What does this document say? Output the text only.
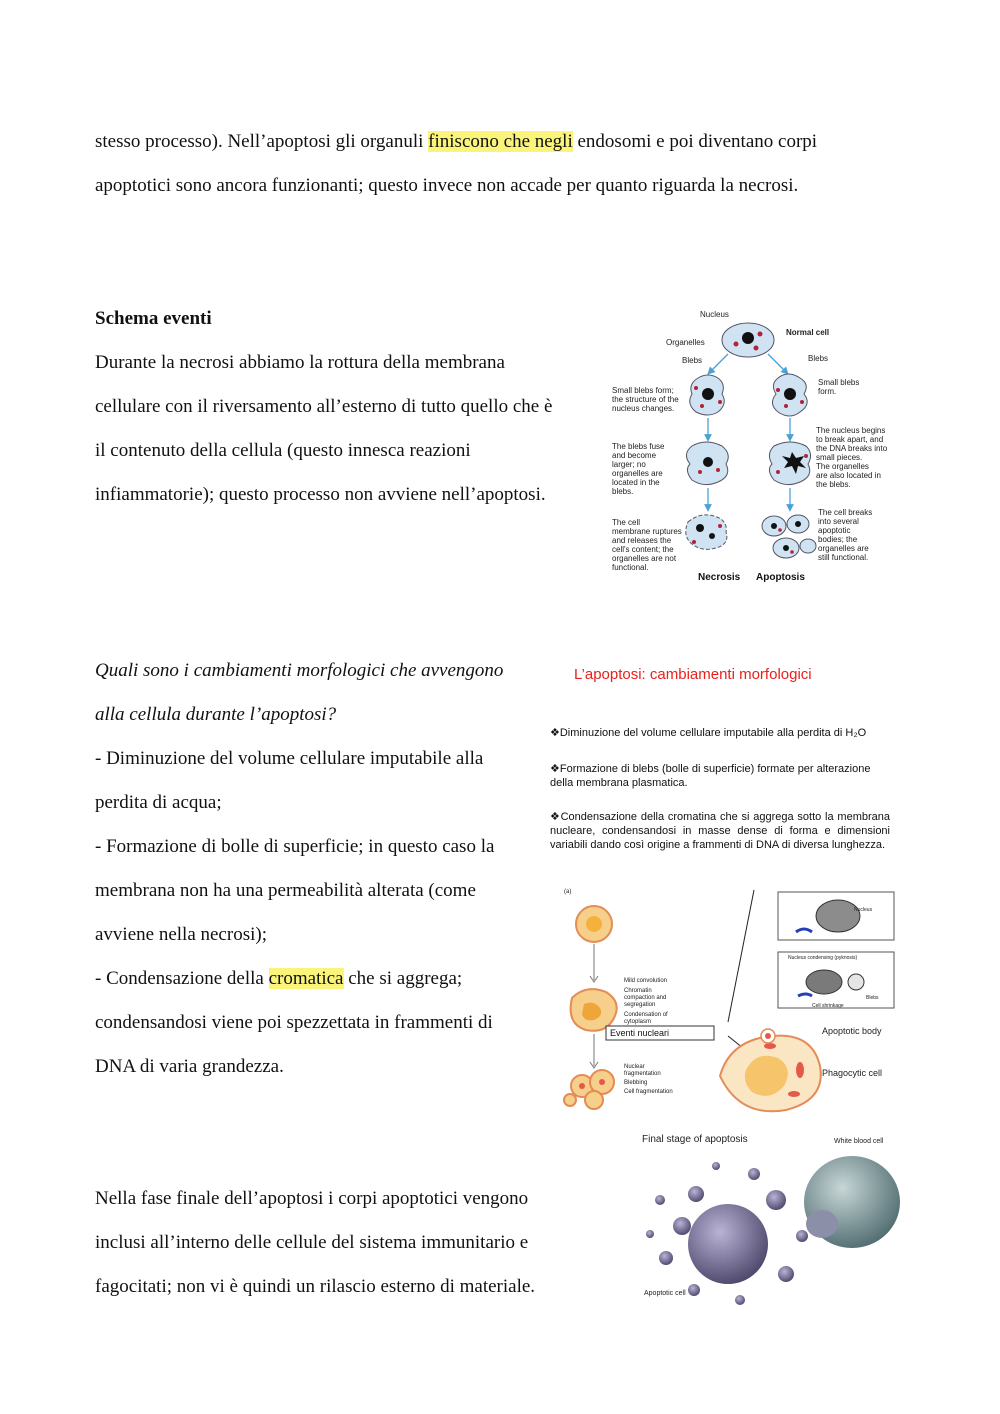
stesso processo). Nell’apoptosi gli organuli finiscono che negli endosomi e poi diventano corpi
apoptotici sono ancora funzionanti; questo invece non accade per quanto riguarda la necrosi.
Schema eventi
Durante la necrosi abbiamo la rottura della membrana
cellulare con il riversamento all’esterno di tutto quello che è
il contenuto della cellula (questo innesca reazioni
infiammatorie); questo processo non avviene nell’apoptosi.
Nucleus
Organelles
Normal cell
Blebs	Blebs
Small blebs form;
the structure of the
nucleus changes.
The blebs fuse
and become
larger; no
organelles are
located in the
blebs.
The cell
membrane ruptures
and releases the
cell's content; the
organelles are not
functional.
Small blebs
form.
The nucleus begins
to break apart, and
the DNA breaks into
small pieces.
The organelles
are also located in
the blebs.
The cell breaks
into several
apoptotic
bodies; the
organelles are
still functional.
Necrosis Apoptosis
Quali sono i cambiamenti morfologici che avvengono
alla cellula durante l’apoptosi?
- Diminuzione del volume cellulare imputabile alla
perdita di acqua;
- Formazione di bolle di superficie; in questo caso la
membrana non ha una permeabilità alterata (come
avviene nella necrosi);
- Condensazione della cromatica che si aggrega;
condensandosi viene poi spezzettata in frammenti di
DNA di varia grandezza.
L’apoptosi: cambiamenti morfologici
❖Diminuzione del volume cellulare imputabile alla perdita di H₂O
❖Formazione di blebs (bolle di superficie) formate per alterazione della membrana plasmatica.
❖Condensazione della cromatina che si aggrega sotto la membrana nucleare, condensandosi in masse dense di forma e dimensioni variabili dando così origine a frammenti di DNA di diversa lunghezza.
(a)
Mild convolution
Chromatin
compaction and
segregation
Condensation of
cytoplasm
Eventi nucleari
Nuclear
fragmentation
Blebbing
Cell fragmentation
Nucleus
Nucleus condensing (pyknosis)
Blebs
Cell shrinkage
Apoptotic body
Phagocytic cell
Nella fase finale dell’apoptosi i corpi apoptotici vengono
inclusi all’interno delle cellule del sistema immunitario e
fagocitati; non vi è quindi un rilascio esterno di materiale.
Final stage of apoptosis	White blood cell
Apoptotic cell
